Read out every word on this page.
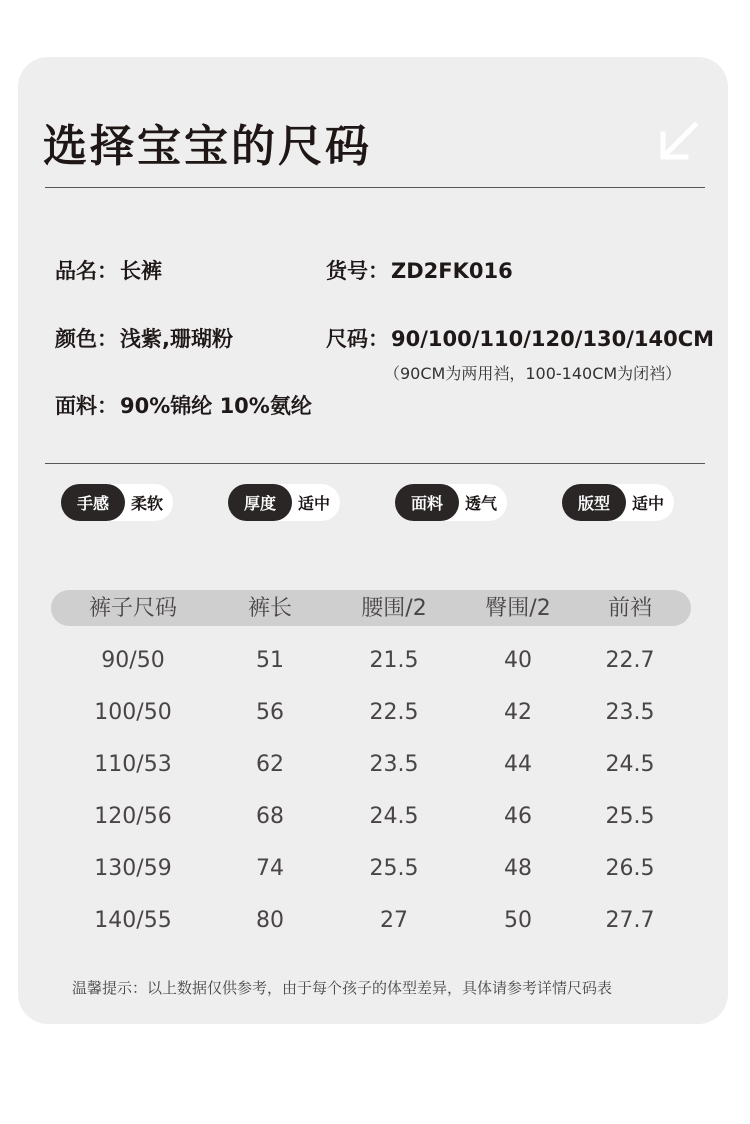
选择宝宝的尺码
品名：长裤	货号：ZD2FK016
颜色：浅紫,珊瑚粉	尺码：90/100/110/120/130/140CM
（90CM为两用裆，100-140CM为闭裆）
面料：90%锦纶 10%氨纶
手感	柔软	厚度	适中	面料	透气	版型	适中
裤子尺码	裤长	腰围/2	臀围/2	前裆
90/50	51	21.5	40	22.7
100/50	56	22.5	42	23.5
110/53	62	23.5	44	24.5
120/56	68	24.5	46	25.5
130/59	74	25.5	48	26.5
140/55	80	27	50	27.7
温馨提示：以上数据仅供参考，由于每个孩子的体型差异，具体请参考详情尺码表
